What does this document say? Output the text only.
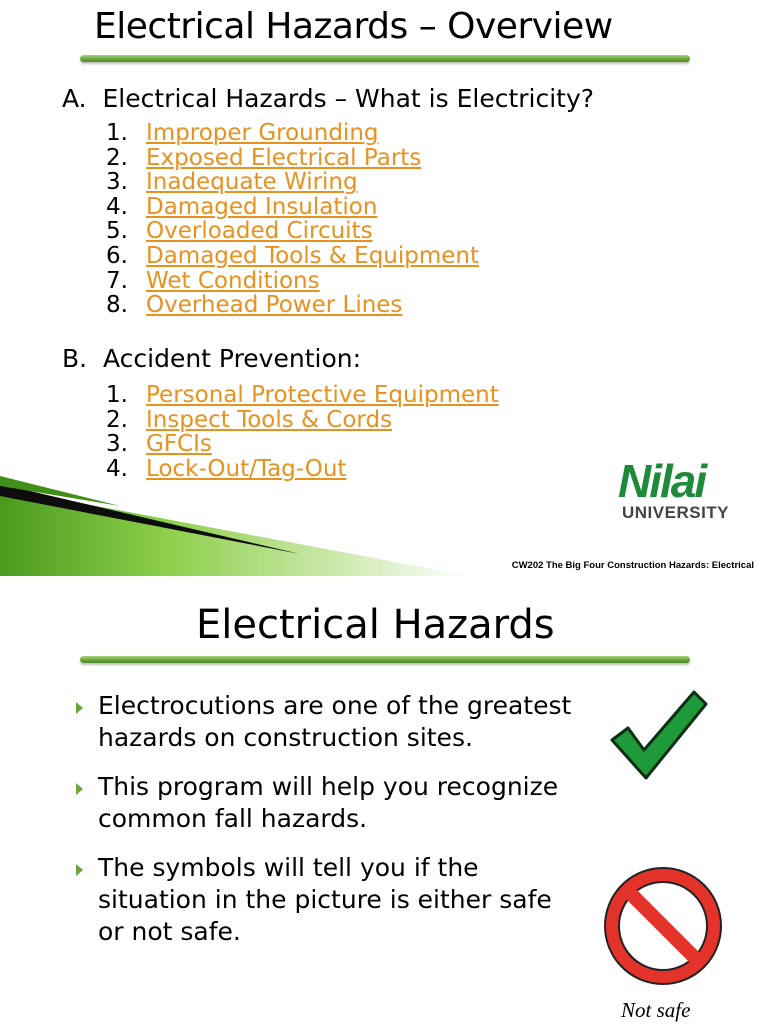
Electrical Hazards – Overview
A.  Electrical Hazards – What is Electricity?
1. Improper Grounding
2. Exposed Electrical Parts
3. Inadequate Wiring
4. Damaged Insulation
5. Overloaded Circuits
6. Damaged Tools & Equipment
7. Wet Conditions
8. Overhead Power Lines
B.  Accident Prevention:
1. Personal Protective Equipment
2. Inspect Tools & Cords
3. GFCIs
4. Lock-Out/Tag-Out	Nilai
UNIVERSITY
CW202 The Big Four Construction Hazards: Electrical
Electrical Hazards
Electrocutions are one of the greatest hazards on construction sites.
This program will help you recognize common fall hazards.
The symbols will tell you if the situation in the picture is either safe or not safe.
Not safe
